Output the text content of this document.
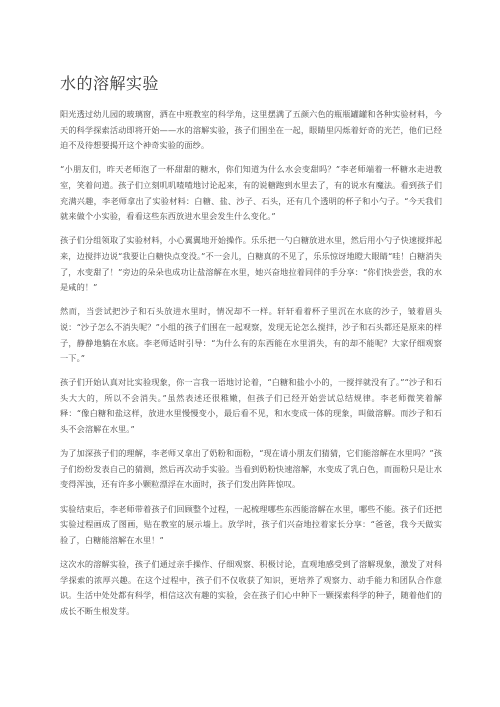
水的溶解实验

阳光透过幼儿园的玻璃窗，洒在中班教室的科学角，这里摆满了五颜六色的瓶瓶罐罐和各种实验材料，今天的科学探索活动即将开始——水的溶解实验，孩子们围坐在一起，眼睛里闪烁着好奇的光芒，他们已经迫不及待想要揭开这个神奇实验的面纱。

“小朋友们，昨天老师泡了一杯甜甜的糖水，你们知道为什么水会变甜吗？”李老师端着一杯糖水走进教室，笑着问道。孩子们立刻叽叽喳喳地讨论起来，有的说糖跑到水里去了，有的说水有魔法。看到孩子们充满兴趣，李老师拿出了实验材料：白糖、盐、沙子、石头，还有几个透明的杯子和小勺子。“今天我们就来做个小实验，看看这些东西放进水里会发生什么变化。”

孩子们分组领取了实验材料，小心翼翼地开始操作。乐乐把一勺白糖放进水里，然后用小勺子快速搅拌起来，边搅拌边说“我要让白糖快点变没。”不一会儿，白糖真的不见了，乐乐惊讶地瞪大眼睛“哇！白糖消失了，水变甜了！”旁边的朵朵也成功让盐溶解在水里，她兴奋地拉着同伴的手分享：“你们快尝尝，我的水是咸的！”

然而，当尝试把沙子和石头放进水里时，情况却不一样。轩轩看着杯子里沉在水底的沙子，皱着眉头说：“沙子怎么不消失呢？”小组的孩子们围在一起观察，发现无论怎么搅拌，沙子和石头都还是原来的样子，静静地躺在水底。李老师适时引导：“为什么有的东西能在水里消失，有的却不能呢？大家仔细观察一下。”

孩子们开始认真对比实验现象，你一言我一语地讨论着，“白糖和盐小小的，一搅拌就没有了。”“沙子和石头大大的，所以不会消失。”虽然表述还很稚嫩，但孩子们已经开始尝试总结规律。李老师微笑着解释：“像白糖和盐这样，放进水里慢慢变小，最后看不见，和水变成一体的现象，叫做溶解。而沙子和石头不会溶解在水里。”

为了加深孩子们的理解，李老师又拿出了奶粉和面粉，“现在请小朋友们猜猜，它们能溶解在水里吗？”孩子们纷纷发表自己的猜测，然后再次动手实验。当看到奶粉快速溶解，水变成了乳白色，而面粉只是让水变得浑浊，还有许多小颗粒漂浮在水面时，孩子们发出阵阵惊叹。

实验结束后，李老师带着孩子们回顾整个过程，一起梳理哪些东西能溶解在水里，哪些不能。孩子们还把实验过程画成了图画，贴在教室的展示墙上。放学时，孩子们兴奋地拉着家长分享：“爸爸，我今天做实验了，白糖能溶解在水里！”

这次水的溶解实验，孩子们通过亲手操作、仔细观察、积极讨论，直观地感受到了溶解现象，激发了对科学探索的浓厚兴趣。在这个过程中，孩子们不仅收获了知识，更培养了观察力、动手能力和团队合作意识。生活中处处都有科学，相信这次有趣的实验，会在孩子们心中种下一颗探索科学的种子，随着他们的成长不断生根发芽。
